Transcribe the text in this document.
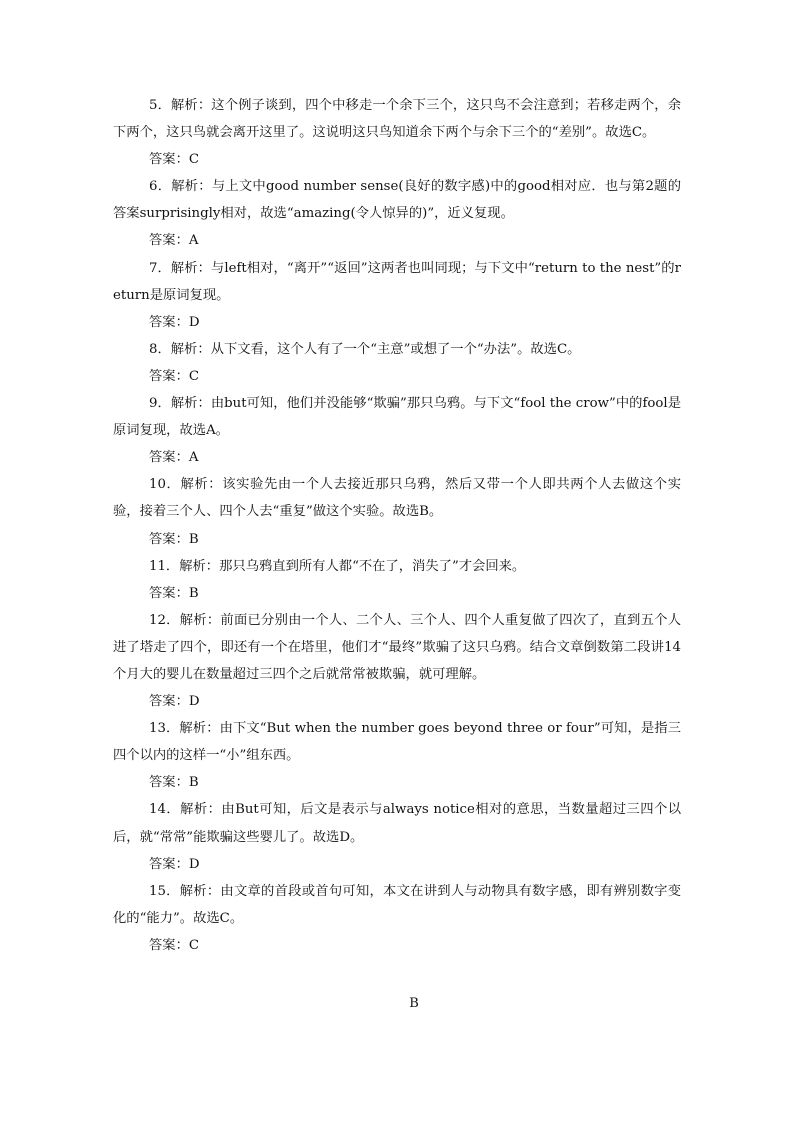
5．解析：这个例子谈到，四个中移走一个余下三个，这只鸟不会注意到；若移走两个，余下两个，这只鸟就会离开这里了。这说明这只鸟知道余下两个与余下三个的“差别”。故选C。

答案：C

6．解析：与上文中good number sense(良好的数字感)中的good相对应．也与第2题的答案surprisingly相对，故选“amazing(令人惊异的)”，近义复现。

答案：A

7．解析：与left相对，“离开”“返回”这两者也叫同现；与下文中“return to the nest”的return是原词复现。

答案：D

8．解析：从下文看，这个人有了一个“主意”或想了一个“办法”。故选C。

答案：C

9．解析：由but可知，他们并没能够“欺骗”那只乌鸦。与下文“fool the crow”中的fool是原词复现，故选A。

答案：A

10．解析：该实验先由一个人去接近那只乌鸦，然后又带一个人即共两个人去做这个实验，接着三个人、四个人去“重复”做这个实验。故选B。

答案：B

11．解析：那只乌鸦直到所有人都“不在了，消失了”才会回来。

答案：B

12．解析：前面已分别由一个人、二个人、三个人、四个人重复做了四次了，直到五个人进了塔走了四个，即还有一个在塔里，他们才“最终”欺骗了这只乌鸦。结合文章倒数第二段讲14个月大的婴儿在数量超过三四个之后就常常被欺骗，就可理解。

答案：D

13．解析：由下文“But when the number goes beyond three or four”可知，是指三四个以内的这样一“小”组东西。

答案：B

14．解析：由But可知，后文是表示与always notice相对的意思，当数量超过三四个以后，就“常常”能欺骗这些婴儿了。故选D。

答案：D

15．解析：由文章的首段或首句可知，本文在讲到人与动物具有数字感，即有辨别数字变化的“能力”。故选C。

答案：C

B
